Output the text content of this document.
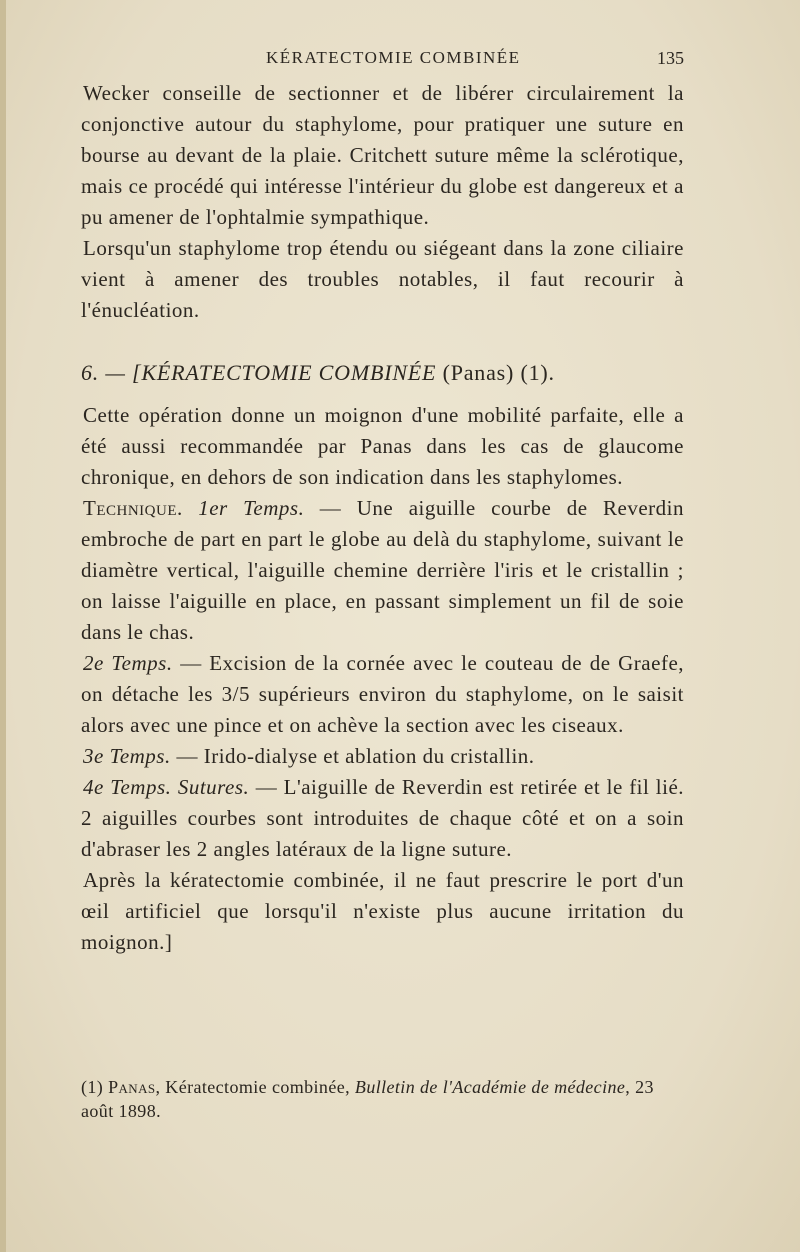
KÉRATECTOMIE COMBINÉE	135

Wecker conseille de sectionner et de libérer circulairement la conjonctive autour du staphylome, pour pratiquer une suture en bourse au devant de la plaie. Critchett suture même la sclérotique, mais ce procédé qui intéresse l'intérieur du globe est dangereux et a pu amener de l'ophtalmie sympathique.

Lorsqu'un staphylome trop étendu ou siégeant dans la zone ciliaire vient à amener des troubles notables, il faut recourir à l'énucléation.

6. — [KÉRATECTOMIE COMBINÉE (Panas) (1).

Cette opération donne un moignon d'une mobilité parfaite, elle a été aussi recommandée par Panas dans les cas de glaucome chronique, en dehors de son indication dans les staphylomes.

Technique. 1er Temps. — Une aiguille courbe de Reverdin embroche de part en part le globe au delà du staphylome, suivant le diamètre vertical, l'aiguille chemine derrière l'iris et le cristallin ; on laisse l'aiguille en place, en passant simplement un fil de soie dans le chas.

2e Temps. — Excision de la cornée avec le couteau de de Graefe, on détache les 3/5 supérieurs environ du staphylome, on le saisit alors avec une pince et on achève la section avec les ciseaux.

3e Temps. — Irido-dialyse et ablation du cristallin.

4e Temps. Sutures. — L'aiguille de Reverdin est retirée et le fil lié. 2 aiguilles courbes sont introduites de chaque côté et on a soin d'abraser les 2 angles latéraux de la ligne suture.

Après la kératectomie combinée, il ne faut prescrire le port d'un œil artificiel que lorsqu'il n'existe plus aucune irritation du moignon.]

(1) Panas, Kératectomie combinée, Bulletin de l'Académie de médecine, 23 août 1898.
